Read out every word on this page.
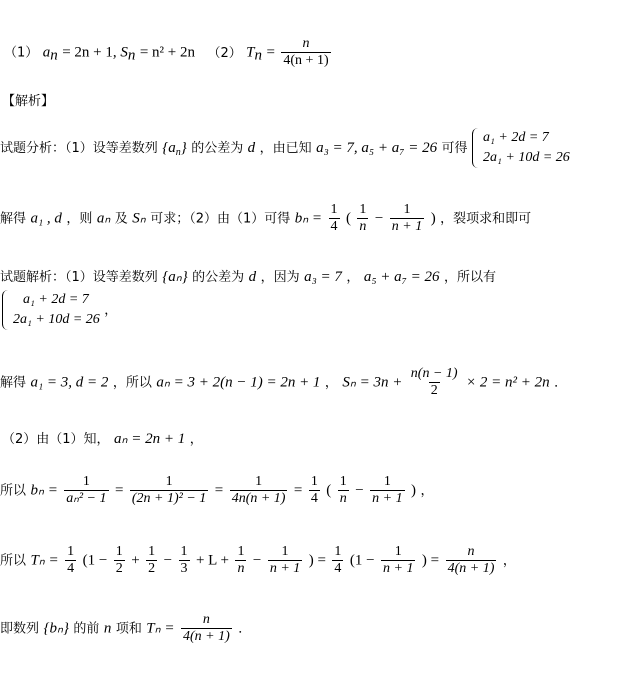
（1） $a_n = 2n + 1$, $S_n = n^2 + 2n$ （2） $T_n = \frac{n}{4(n + 1)}$
【解析】
试题分析：（1）设等差数列 $\{a_n\}$ 的公差为 d ，由已知 a₃ = 7, a₅ + a₇ = 26 可得
a₁ + 2d = 7
2a₁ + 10d = 26
解得 a₁ , d ，则 aₙ 及 Sₙ 可求；（2）由（1）可得 $b_n = \frac{1}{4}$ ( $\frac{1}{n} - \frac{1}{n + 1}$ ) ，裂项求和即可
试题解析：（1）设等差数列 {aₙ} 的公差为 d ，因为 a₃ = 7 ， a₅ + a₇ = 26 ，所以有
a₁ + 2d = 7
2a₁ + 10d = 26
，
解得 a₁ = 3, d = 2 ，所以 aₙ = 3 + 2(n − 1) = 2n + 1 ， $S_n = 3n + \frac{n(n - 1)}{2} \times 2 = n^2 + 2n$ ．
（2）由（1）知， aₙ = 2n + 1 ，
所以 $b_n = \frac{1}{\text{aₙ² − 1}} = \frac{1}{\text{(2n + 1)² − 1}} = \frac{1}{4n(n + 1)} = \frac{1}{4}$ ( $\frac{1}{n} - \frac{1}{n + 1}$ ) ，
所以 $T_n = \frac{1}{4} (1 - \frac{1}{2} + \frac{1}{2} - \frac{1}{3} + L + \frac{1}{n} - \frac{1}{n + 1}$ ) = $\frac{1}{4} (1 - \frac{1}{n + 1}$ ) = $\frac{n}{4(n + 1)}$ ，
即数列 {bₙ} 的前 n 项和 $T_n = \frac{n}{4(n + 1)}$ ．
